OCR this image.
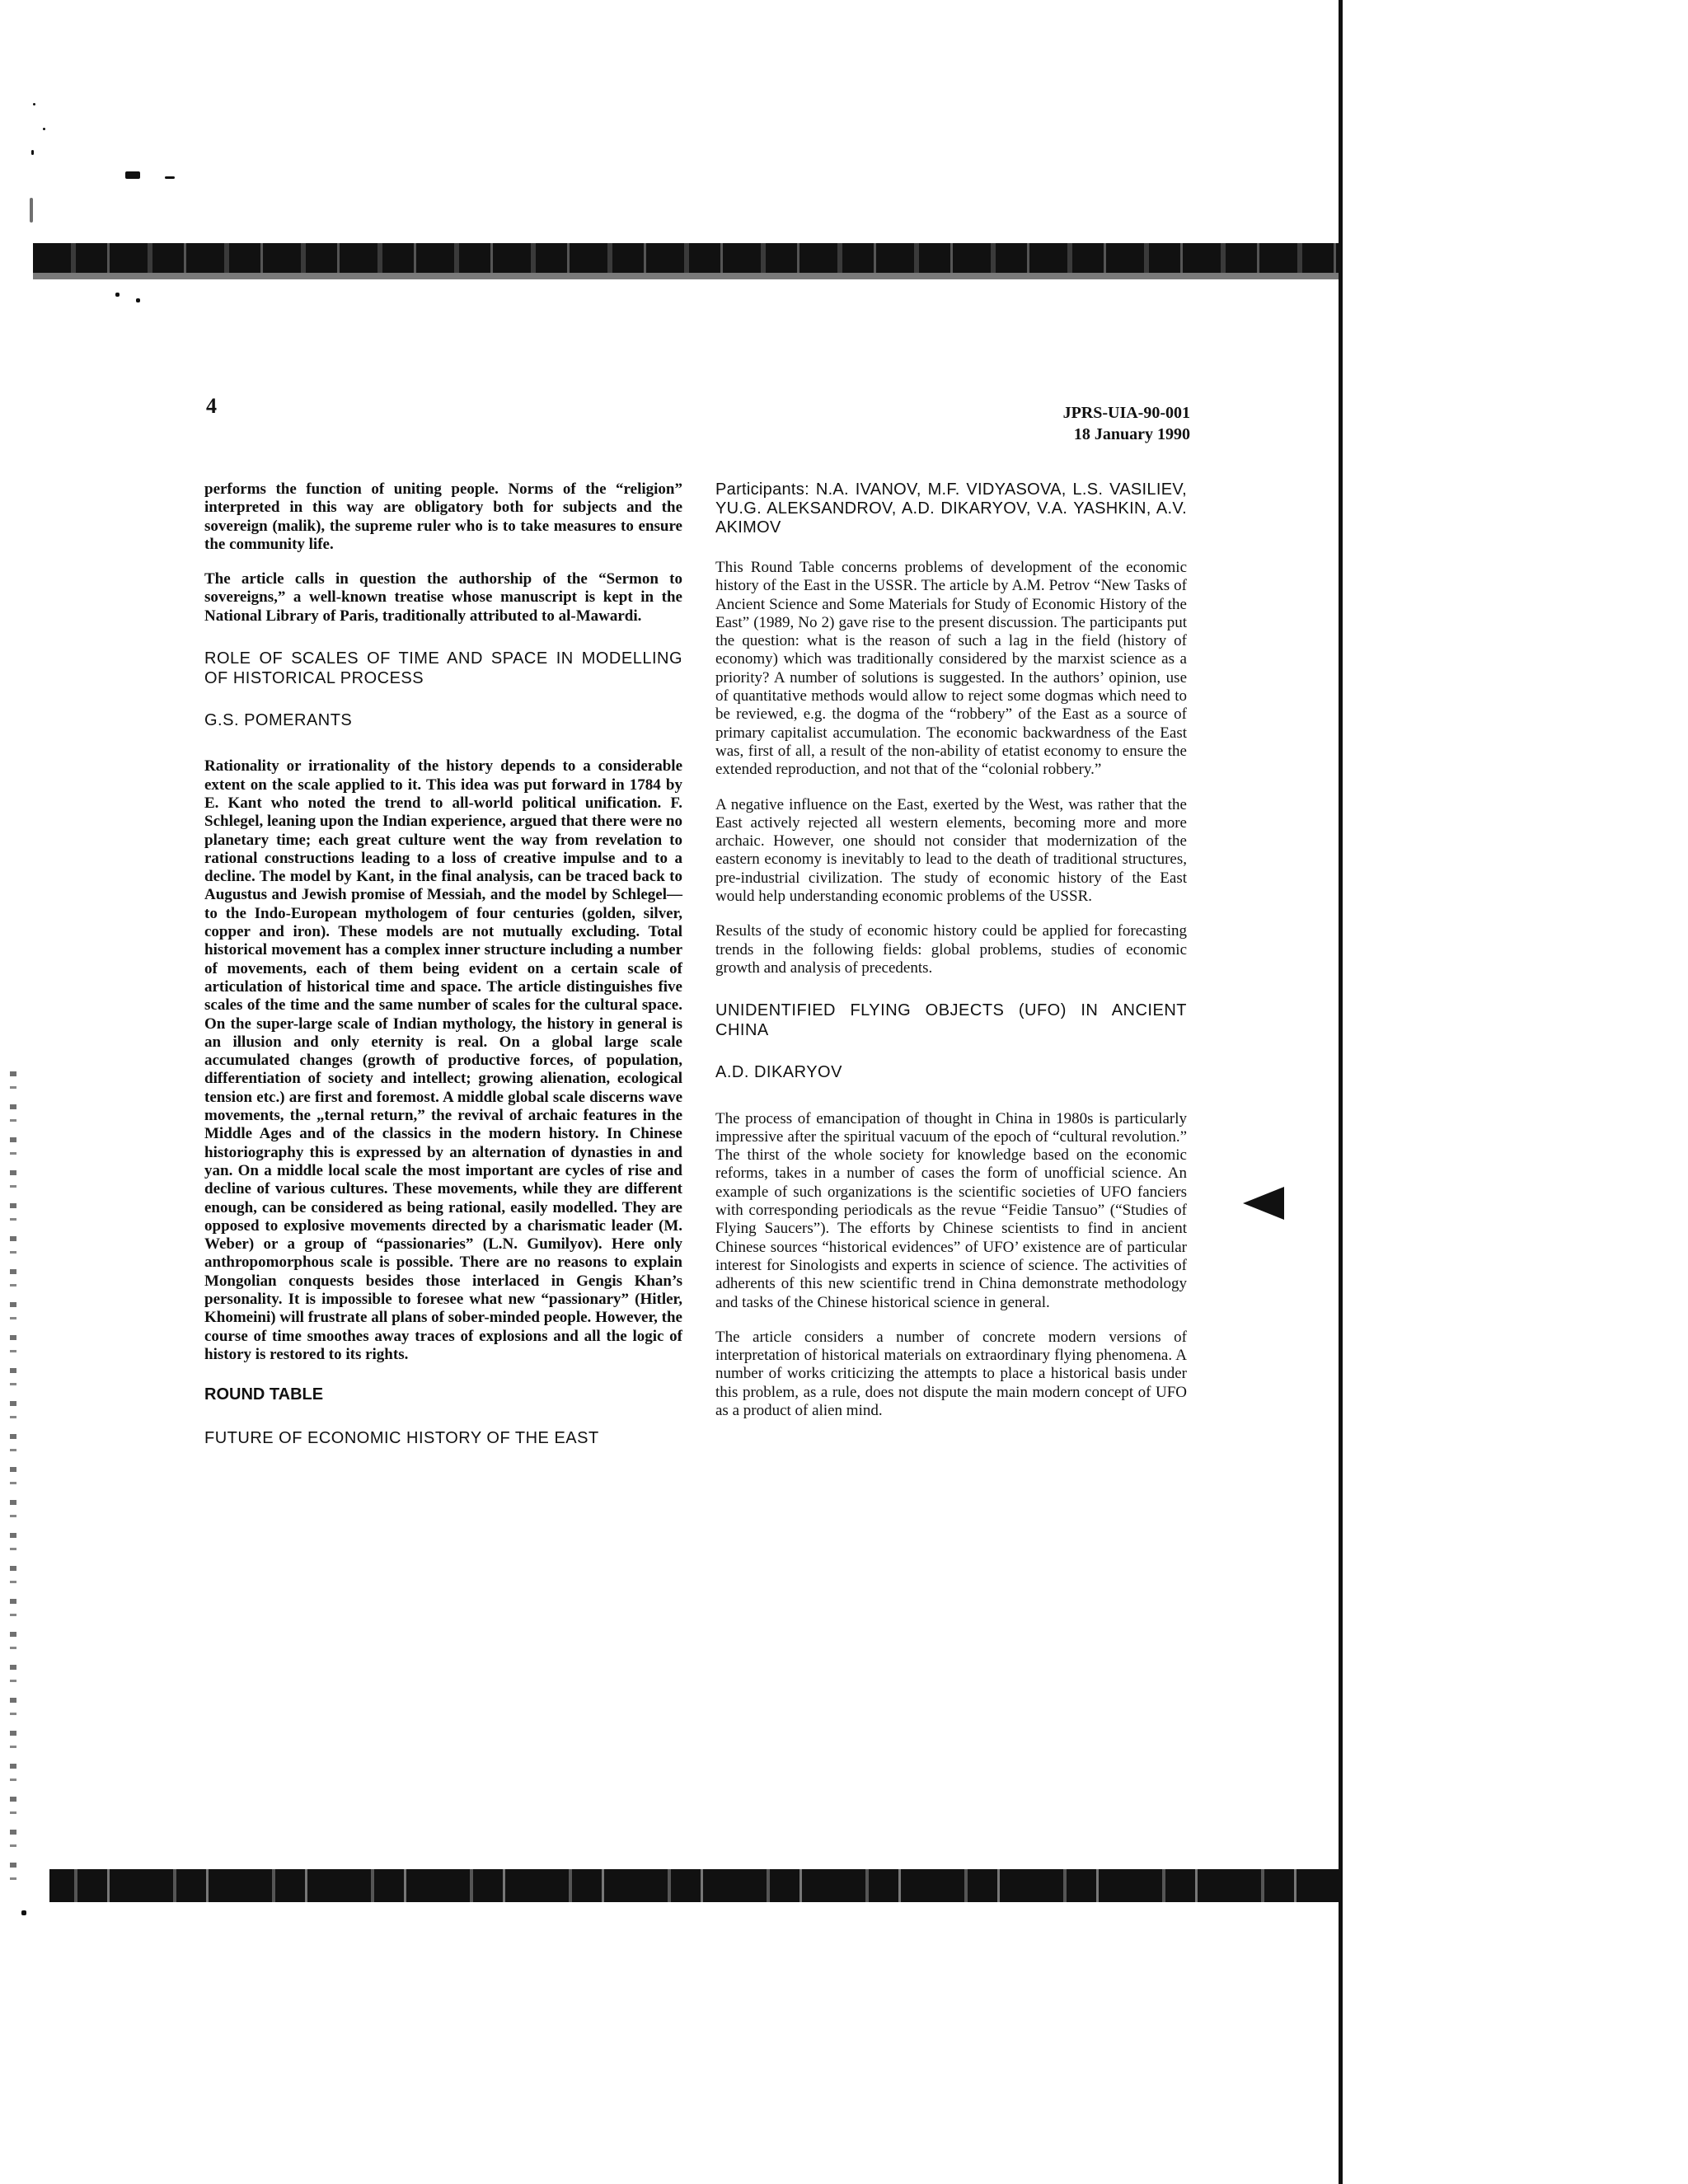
4	JPRS-UIA-90-001
18 January 1990

performs the function of uniting people. Norms of the “religion” interpreted in this way are obligatory both for subjects and the sovereign (malik), the supreme ruler who is to take measures to ensure the community life.

The article calls in question the authorship of the “Sermon to sovereigns,” a well-known treatise whose manuscript is kept in the National Library of Paris, traditionally attributed to al-Mawardi.

ROLE OF SCALES OF TIME AND SPACE IN MODELLING OF HISTORICAL PROCESS
G.S. POMERANTS

Rationality or irrationality of the history depends to a considerable extent on the scale applied to it. This idea was put forward in 1784 by E. Kant who noted the trend to all-world political unification. F. Schlegel, leaning upon the Indian experience, argued that there were no planetary time; each great culture went the way from revelation to rational constructions leading to a loss of creative impulse and to a decline. The model by Kant, in the final analysis, can be traced back to Augustus and Jewish promise of Messiah, and the model by Schlegel—to the Indo-European mythologem of four centuries (golden, silver, copper and iron). These models are not mutually excluding. Total historical movement has a complex inner structure including a number of movements, each of them being evident on a certain scale of articulation of historical time and space. The article distinguishes five scales of the time and the same number of scales for the cultural space. On the super-large scale of Indian mythology, the history in general is an illusion and only eternity is real. On a global large scale accumulated changes (growth of productive forces, of population, differentiation of society and intellect; growing alienation, ecological tension etc.) are first and foremost. A middle global scale discerns wave movements, the „ternal return,” the revival of archaic features in the Middle Ages and of the classics in the modern history. In Chinese historiography this is expressed by an alternation of dynasties in and yan. On a middle local scale the most important are cycles of rise and decline of various cultures. These movements, while they are different enough, can be considered as being rational, easily modelled. They are opposed to explosive movements directed by a charismatic leader (M. Weber) or a group of “passionaries” (L.N. Gumilyov). Here only anthropomorphous scale is possible. There are no reasons to explain Mongolian conquests besides those interlaced in Gengis Khan’s personality. It is impossible to foresee what new “passionary” (Hitler, Khomeini) will frustrate all plans of sober-minded people. However, the course of time smoothes away traces of explosions and all the logic of history is restored to its rights.

ROUND TABLE
FUTURE OF ECONOMIC HISTORY OF THE EAST
Participants: N.A. IVANOV, M.F. VIDYASOVA, L.S. VASILIEV, YU.G. ALEKSANDROV, A.D. DIKARYOV, V.A. YASHKIN, A.V. AKIMOV

This Round Table concerns problems of development of the economic history of the East in the USSR. The article by A.M. Petrov “New Tasks of Ancient Science and Some Materials for Study of Economic History of the East” (1989, No 2) gave rise to the present discussion. The participants put the question: what is the reason of such a lag in the field (history of economy) which was traditionally considered by the marxist science as a priority? A number of solutions is suggested. In the authors’ opinion, use of quantitative methods would allow to reject some dogmas which need to be reviewed, e.g. the dogma of the “robbery” of the East as a source of primary capitalist accumulation. The economic backwardness of the East was, first of all, a result of the non-ability of etatist economy to ensure the extended reproduction, and not that of the “colonial robbery.”

A negative influence on the East, exerted by the West, was rather that the East actively rejected all western elements, becoming more and more archaic. However, one should not consider that modernization of the eastern economy is inevitably to lead to the death of traditional structures, pre-industrial civilization. The study of economic history of the East would help understanding economic problems of the USSR.

Results of the study of economic history could be applied for forecasting trends in the following fields: global problems, studies of economic growth and analysis of precedents.

UNIDENTIFIED FLYING OBJECTS (UFO) IN ANCIENT CHINA
A.D. DIKARYOV

The process of emancipation of thought in China in 1980s is particularly impressive after the spiritual vacuum of the epoch of “cultural revolution.” The thirst of the whole society for knowledge based on the economic reforms, takes in a number of cases the form of unofficial science. An example of such organizations is the scientific societies of UFO fanciers with corresponding periodicals as the revue “Feidie Tansuo” (“Studies of Flying Saucers”). The efforts by Chinese scientists to find in ancient Chinese sources “historical evidences” of UFO’ existence are of particular interest for Sinologists and experts in science of science. The activities of adherents of this new scientific trend in China demonstrate methodology and tasks of the Chinese historical science in general.

The article considers a number of concrete modern versions of interpretation of historical materials on extraordinary flying phenomena. A number of works criticizing the attempts to place a historical basis under this problem, as a rule, does not dispute the main modern concept of UFO as a product of alien mind.
